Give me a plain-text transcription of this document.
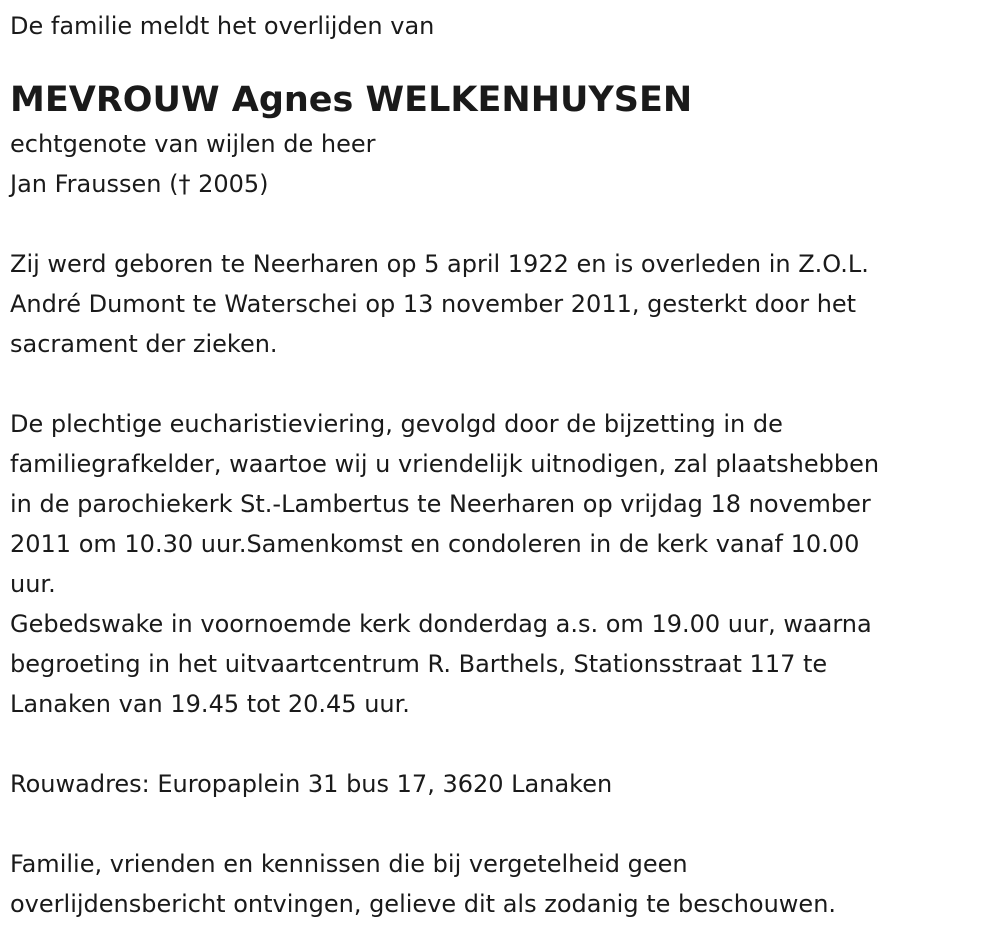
De familie meldt het overlijden van

MEVROUW Agnes WELKENHUYSEN

echtgenote van wijlen de heer

Jan Fraussen († 2005)

Zij werd geboren te Neerharen op 5 april 1922 en is overleden in Z.O.L.

André Dumont te Waterschei op 13 november 2011, gesterkt door het

sacrament der zieken.

De plechtige eucharistieviering, gevolgd door de bijzetting in de

familiegrafkelder, waartoe wij u vriendelijk uitnodigen, zal plaatshebben

in de parochiekerk St.-Lambertus te Neerharen op vrijdag 18 november

2011 om 10.30 uur.Samenkomst en condoleren in de kerk vanaf 10.00

uur.

Gebedswake in voornoemde kerk donderdag a.s. om 19.00 uur, waarna

begroeting in het uitvaartcentrum R. Barthels, Stationsstraat 117 te

Lanaken van 19.45 tot 20.45 uur.

Rouwadres: Europaplein 31 bus 17, 3620 Lanaken

Familie, vrienden en kennissen die bij vergetelheid geen

overlijdensbericht ontvingen, gelieve dit als zodanig te beschouwen.
